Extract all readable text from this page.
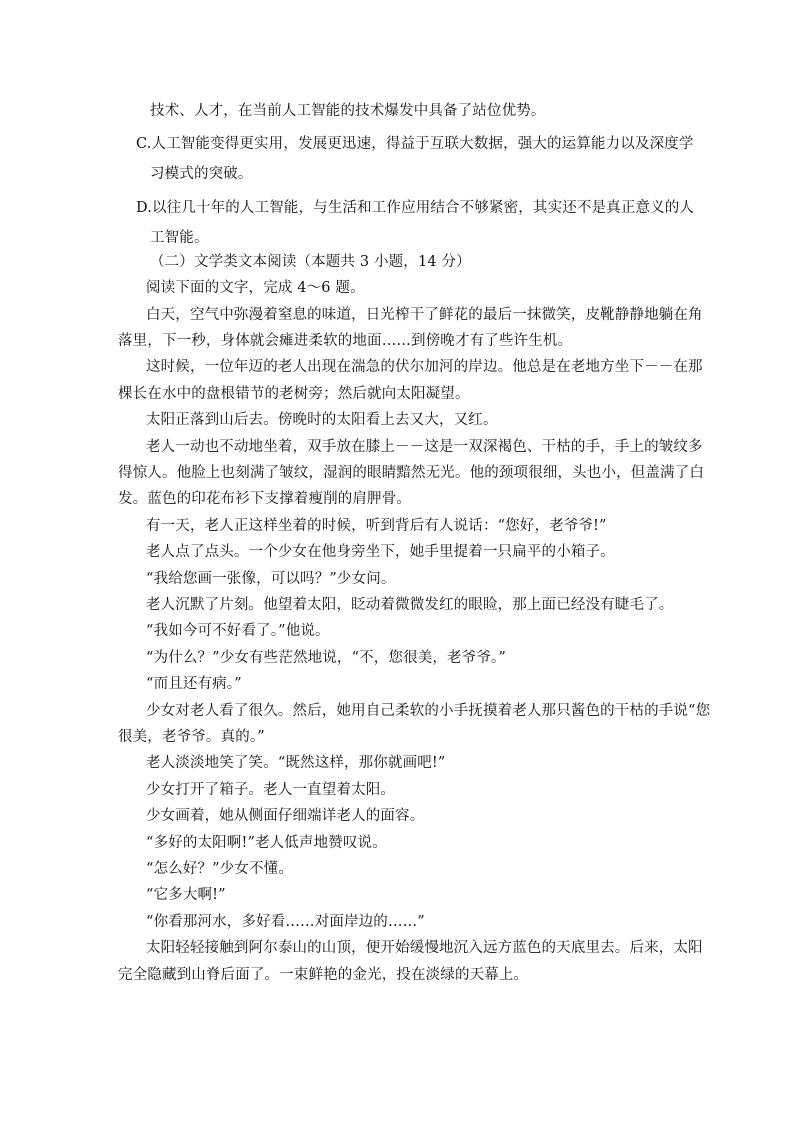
技术、人才，在当前人工智能的技术爆发中具备了站位优势。

C.人工智能变得更实用，发展更迅速，得益于互联大数据，强大的运算能力以及深度学

习模式的突破。

D.以往几十年的人工智能，与生活和工作应用结合不够紧密，其实还不是真正意义的人

工智能。

（二）文学类文本阅读（本题共 3 小题，14 分）

阅读下面的文字，完成 4～6 题。

白天，空气中弥漫着窒息的味道，日光榨干了鲜花的最后一抹微笑，皮靴静静地躺在角

落里，下一秒，身体就会瘫进柔软的地面……到傍晚才有了些许生机。

这时候，一位年迈的老人出现在湍急的伏尔加河的岸边。他总是在老地方坐下－－在那

棵长在水中的盘根错节的老树旁；然后就向太阳凝望。

太阳正落到山后去。傍晚时的太阳看上去又大，又红。

老人一动也不动地坐着，双手放在膝上－－这是一双深褐色、干枯的手，手上的皱纹多

得惊人。他脸上也刻满了皱纹，湿润的眼睛黯然无光。他的颈项很细，头也小，但盖满了白

发。蓝色的印花布衫下支撑着瘦削的肩胛骨。

有一天，老人正这样坐着的时候，听到背后有人说话：“您好，老爷爷!”

老人点了点头。一个少女在他身旁坐下，她手里提着一只扁平的小箱子。

“我给您画一张像，可以吗？”少女问。

老人沉默了片刻。他望着太阳，眨动着微微发红的眼睑，那上面已经没有睫毛了。

“我如今可不好看了。”他说。

“为什么？”少女有些茫然地说，“不，您很美，老爷爷。”

“而且还有病。”

少女对老人看了很久。然后，她用自己柔软的小手抚摸着老人那只酱色的干枯的手说“您

很美，老爷爷。真的。”

老人淡淡地笑了笑。“既然这样，那你就画吧!”

少女打开了箱子。老人一直望着太阳。

少女画着，她从侧面仔细端详老人的面容。

“多好的太阳啊!”老人低声地赞叹说。

“怎么好？”少女不懂。

“它多大啊!”

“你看那河水，多好看……对面岸边的……”

太阳轻轻接触到阿尔泰山的山顶，便开始缓慢地沉入远方蓝色的天底里去。后来，太阳

完全隐藏到山脊后面了。一束鲜艳的金光，投在淡绿的天幕上。
